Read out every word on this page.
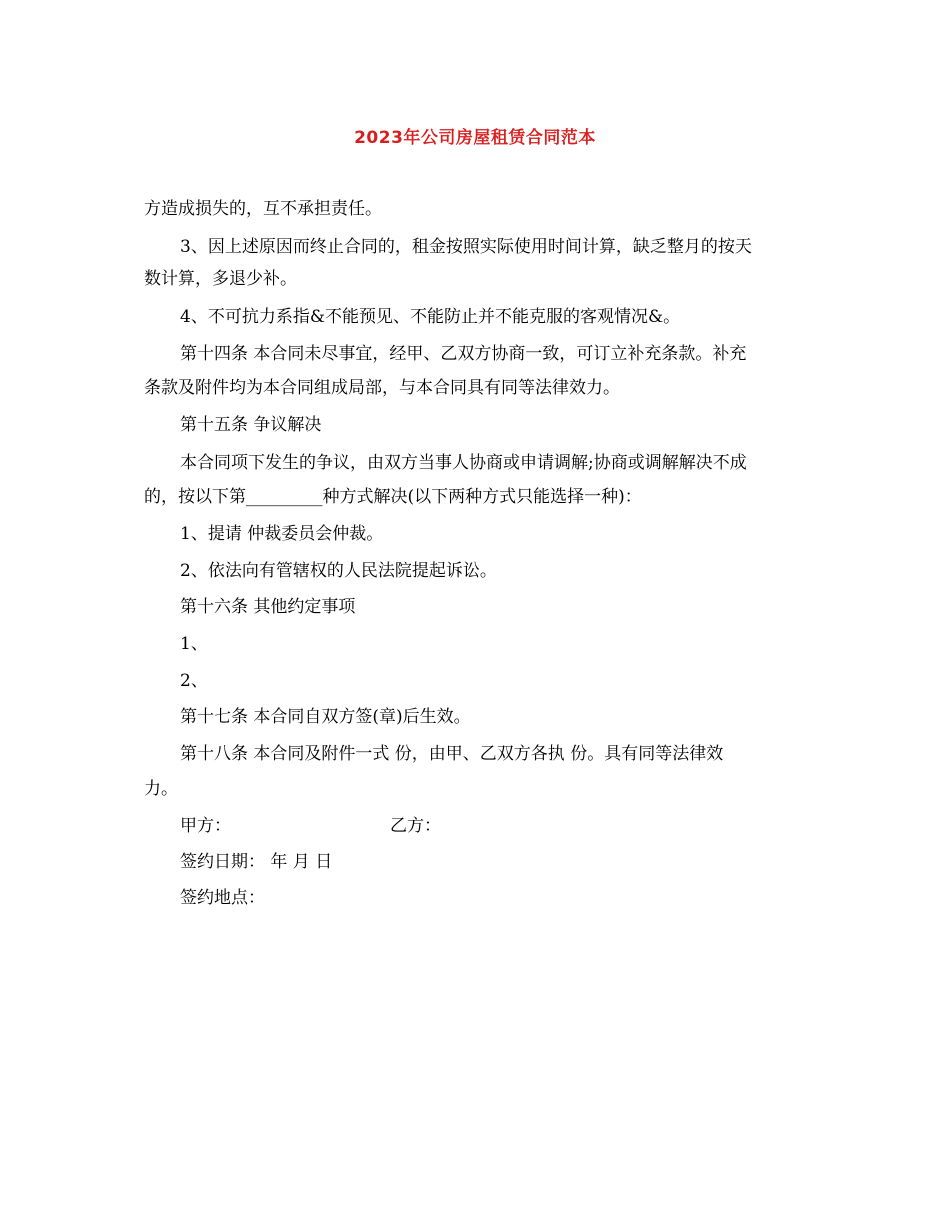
2023年公司房屋租赁合同范本
方造成损失的，互不承担责任。
3、因上述原因而终止合同的，租金按照实际使用时间计算，缺乏整月的按天
数计算，多退少补。
4、不可抗力系指&不能预见、不能防止并不能克服的客观情况&。
第十四条 本合同未尽事宜，经甲、乙双方协商一致，可订立补充条款。补充
条款及附件均为本合同组成局部，与本合同具有同等法律效力。
第十五条 争议解决
本合同项下发生的争议，由双方当事人协商或申请调解;协商或调解解决不成
的，按以下第_________种方式解决(以下两种方式只能选择一种)：
1、提请 仲裁委员会仲裁。
2、依法向有管辖权的人民法院提起诉讼。
第十六条 其他约定事项
1、
2、
第十七条 本合同自双方签(章)后生效。
第十八条 本合同及附件一式 份，由甲、乙双方各执 份。具有同等法律效
力。
甲方：	乙方：
签约日期： 年 月 日
签约地点：
